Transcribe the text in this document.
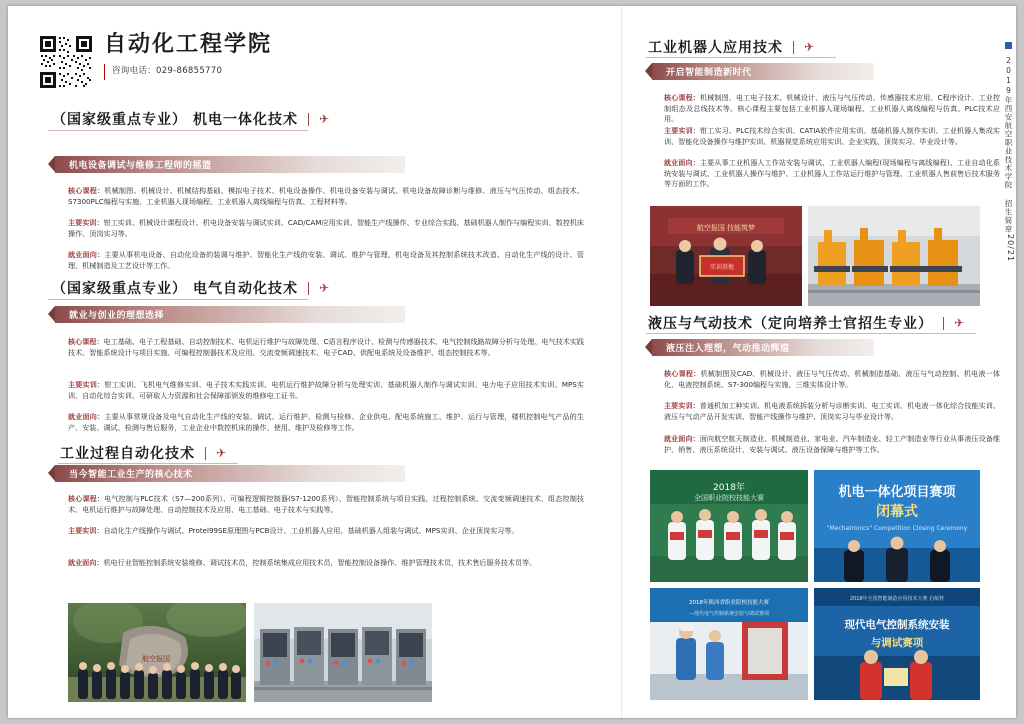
自动化工程学院
咨询电话：029-86855770
（国家级重点专业） 机电一体化技术 ✈
机电设备调试与维修工程师的摇篮
核心课程：机械制图、机械设计、机械结构基础、模拟电子技术、机电设备操作、机电设备安装与调试、机电设备故障诊断与维修、液压与气压传动、组态技术、S7300PLC编程与实施、工业机器人现场编程、工业机器人离线编程与仿真、工程材料等。
主要实训：钳工实训、机械设计课程设计、机电设备安装与调试实训、CAD/CAM应用实训、智能生产线操作、专业综合实践、基础机器人制作与编程实训、数控机床操作、顶岗实习等。
就业面向：主要从事机电设备、自动化设备的装调与维护、智能化生产线的安装、调试、维护与管理，机电设备及其控制系统技术改造、自动化生产线的设计、管理、机械制造及工艺设计等工作。
（国家级重点专业） 电气自动化技术 ✈
就业与创业的理想选择
核心课程：电工基础、电子工程基础、自动控制技术、电机运行维护与故障处理、C语言程序设计、检测与传感器技术、电气控制线路故障分析与处理、电气技术实践技术、智能系统设计与项目实施、可编程控制器技术及应用、交流变频调速技术、电子CAD、供配电系统及设备维护、组态控制技术等。
主要实训：钳工实训、飞机电气维修实训、电子技术实践实训、电机运行维护故障分析与处理实训、基础机器人制作与调试实训、电力电子应用技术实训、MPS实训、自动化综合实训、可研取人力资源和社会保障部颁发的维修电工证书。
就业面向：主要从事常规设备及电气自动化生产线的安装、调试、运行维护、检测与检修、企业供电、配电系统施工、维护、运行与管理，楼机控制电气产品的生产、安装、调试、检测与售后服务，工业企业中数控机床的操作、使用、维护及检修等工作。
工业过程自动化技术 ✈
当今智能工业生产的核心技术
核心课程：电气控制与PLC技术（S7—200系列）、可编程逻辑控制器(S7-1200系列）、智能控制系统与项目实践、过程控制系统、交流变频调速技术、组态控制技术、电机运行维护与故障处理、自动控制技术及应用、电工基础、电子技术与实践等。
主要实训：自动化生产线操作与调试、Protel99SE原理图与PCB设计、工业机器人应用、基础机器人组装与调试、MPS实训、企业顶岗实习等。
就业面向：机电行业智能控制系统安装维修、调试技术员，控制系统集成应用技术员，智能控制设备操作、维护管理技术员，技术售后服务技术员等。
航空报国
工业机器人应用技术 ✈
开启智能制造新时代
核心课程：机械制图、电工电子技术、机械设计、液压与气压传动、传感器技术应用、C程序设计、工业控制组态及总线技术等。核心课程主要包括工业机器人现场编程、工业机器人离线编程与仿真、PLC技术应用。
主要实训：钳工实习、PLC技术综合实训、CATIA软件应用实训、基础机器人制作实训、工业机器人集成实训、智能化设备操作与维护实训、机器视觉系统应用实训、企业实践、顶岗实习、毕业设计等。
就业面向：主要从事工业机器人工作站安装与调试、工业机器人编程(现场编程与离线编程)、工业自动化系统安装与调试、工业机器人操作与维护、工业机器人工作站运行维护与管理、工业机器人售前售后技术服务等方面的工作。
航空报国 技能筑梦
实训基地
液压与气动技术（定向培养士官招生专业） ✈
液压注入理想，气动推动辉煌
核心课程：机械制图及CAD、机械设计、液压与气压传动、机械制造基础、液压与气动控制、机电液一体化、电液控制系统、S7-300编程与实施、三维实体设计等。
主要实训：普通机加工种实训、机电液系统拆装分析与诊断实训、电工实训、机电液一体化综合技能实训、液压与气动产品开发实训、智能产线操作与维护、顶岗实习与毕业设计等。
就业面向：面向航空航天制造业、机械制造业、家电业、汽车制造业、轻工产制造业等行业从事液压设备维护、销售、液压系统设计、安装与调试、液压设备保障与维护等工作。
2018年
全国职业院校技能大赛	机电一体化项目赛项
闭幕式
"Mechatronics" Competition Closing Ceremony
2018年陕西省职业院校技能大赛
—现代电气控制系统安装与调试赛项
2018年全国智能制造应用技术大赛 启航杯
现代电气控制系统安装
与调试赛项
2019年西安航空职业技术学院 招生简章
20/21
